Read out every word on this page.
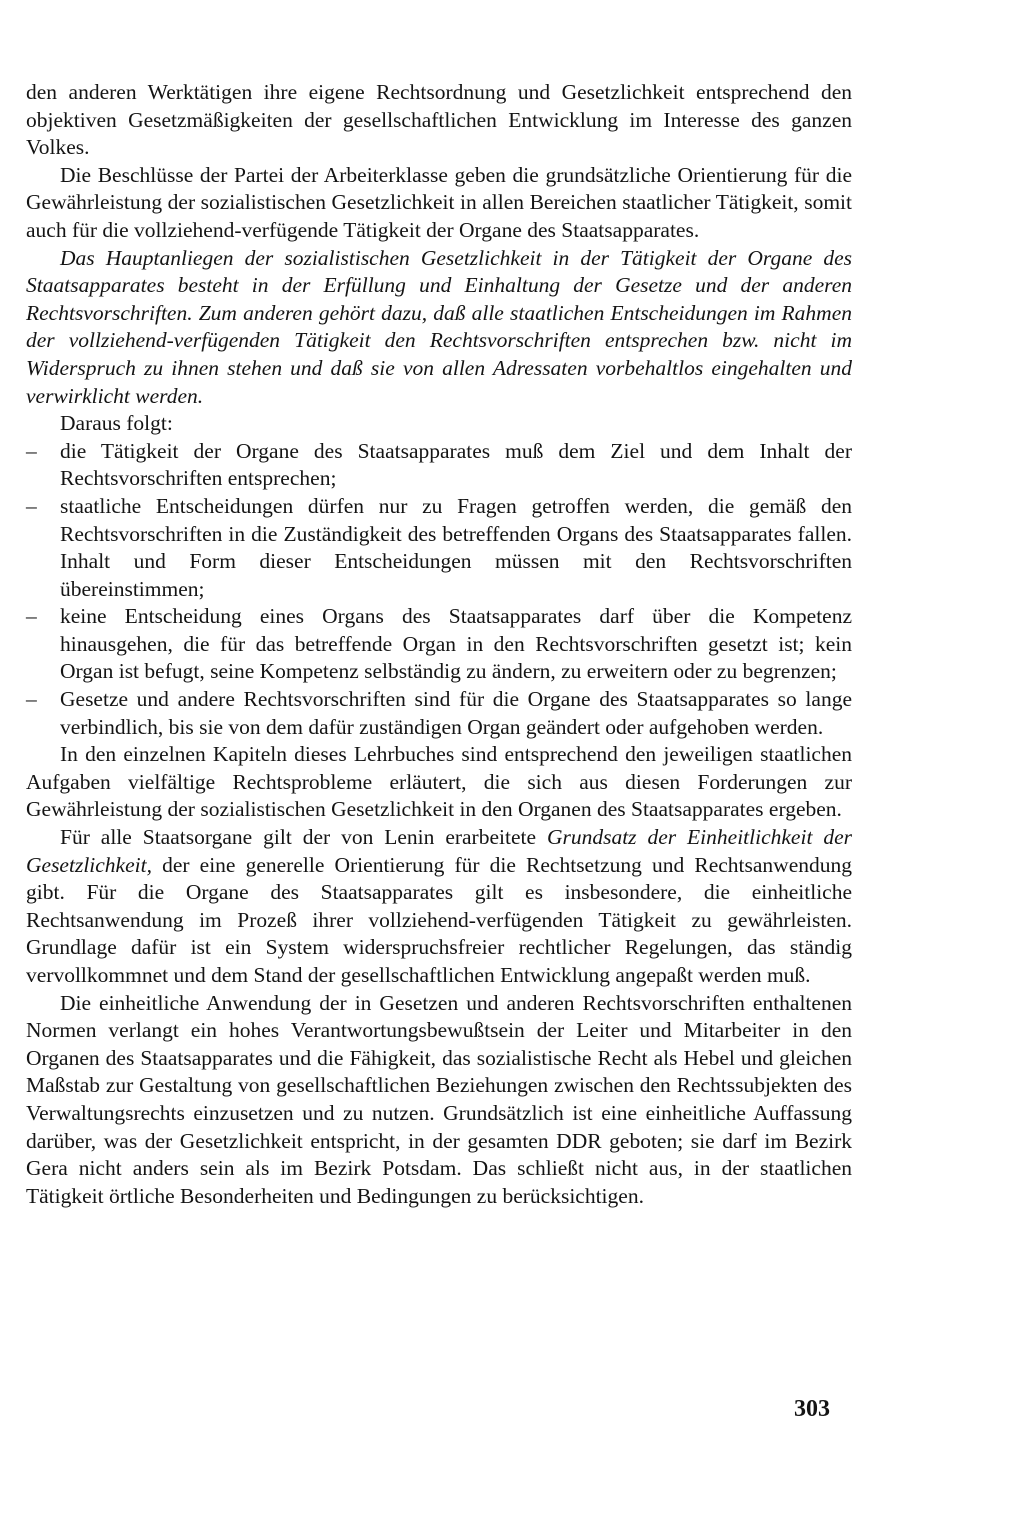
den anderen Werktätigen ihre eigene Rechtsordnung und Gesetzlichkeit entsprechend den objektiven Gesetzmäßigkeiten der gesellschaftlichen Entwicklung im Interesse des ganzen Volkes.

Die Beschlüsse der Partei der Arbeiterklasse geben die grundsätzliche Orientierung für die Gewährleistung der sozialistischen Gesetzlichkeit in allen Bereichen staatlicher Tätigkeit, somit auch für die vollziehend-verfügende Tätigkeit der Organe des Staatsapparates.

Das Hauptanliegen der sozialistischen Gesetzlichkeit in der Tätigkeit der Organe des Staatsapparates besteht in der Erfüllung und Einhaltung der Gesetze und der anderen Rechtsvorschriften. Zum anderen gehört dazu, daß alle staatlichen Entscheidungen im Rahmen der vollziehend-verfügenden Tätigkeit den Rechtsvorschriften entsprechen bzw. nicht im Widerspruch zu ihnen stehen und daß sie von allen Adressaten vorbehaltlos eingehalten und verwirklicht werden.

Daraus folgt:

–	die Tätigkeit der Organe des Staatsapparates muß dem Ziel und dem Inhalt der Rechtsvorschriften entsprechen;
–	staatliche Entscheidungen dürfen nur zu Fragen getroffen werden, die gemäß den Rechtsvorschriften in die Zuständigkeit des betreffenden Organs des Staatsapparates fallen. Inhalt und Form dieser Entscheidungen müssen mit den Rechtsvorschriften übereinstimmen;
–	keine Entscheidung eines Organs des Staatsapparates darf über die Kompetenz hinausgehen, die für das betreffende Organ in den Rechtsvorschriften gesetzt ist; kein Organ ist befugt, seine Kompetenz selbständig zu ändern, zu erweitern oder zu begrenzen;
–	Gesetze und andere Rechtsvorschriften sind für die Organe des Staatsapparates so lange verbindlich, bis sie von dem dafür zuständigen Organ geändert oder aufgehoben werden.

In den einzelnen Kapiteln dieses Lehrbuches sind entsprechend den jeweiligen staatlichen Aufgaben vielfältige Rechtsprobleme erläutert, die sich aus diesen Forderungen zur Gewährleistung der sozialistischen Gesetzlichkeit in den Organen des Staatsapparates ergeben.

Für alle Staatsorgane gilt der von Lenin erarbeitete Grundsatz der Einheitlichkeit der Gesetzlichkeit, der eine generelle Orientierung für die Rechtsetzung und Rechtsanwendung gibt. Für die Organe des Staatsapparates gilt es insbesondere, die einheitliche Rechtsanwendung im Prozeß ihrer vollziehend-verfügenden Tätigkeit zu gewährleisten. Grundlage dafür ist ein System widerspruchsfreier rechtlicher Regelungen, das ständig vervollkommnet und dem Stand der gesellschaftlichen Entwicklung angepaßt werden muß.

Die einheitliche Anwendung der in Gesetzen und anderen Rechtsvorschriften enthaltenen Normen verlangt ein hohes Verantwortungsbewußtsein der Leiter und Mitarbeiter in den Organen des Staatsapparates und die Fähigkeit, das sozialistische Recht als Hebel und gleichen Maßstab zur Gestaltung von gesellschaftlichen Beziehungen zwischen den Rechtssubjekten des Verwaltungsrechts einzusetzen und zu nutzen. Grundsätzlich ist eine einheitliche Auffassung darüber, was der Gesetzlichkeit entspricht, in der gesamten DDR geboten; sie darf im Bezirk Gera nicht anders sein als im Bezirk Potsdam. Das schließt nicht aus, in der staatlichen Tätigkeit örtliche Besonderheiten und Bedingungen zu berücksichtigen.

303
